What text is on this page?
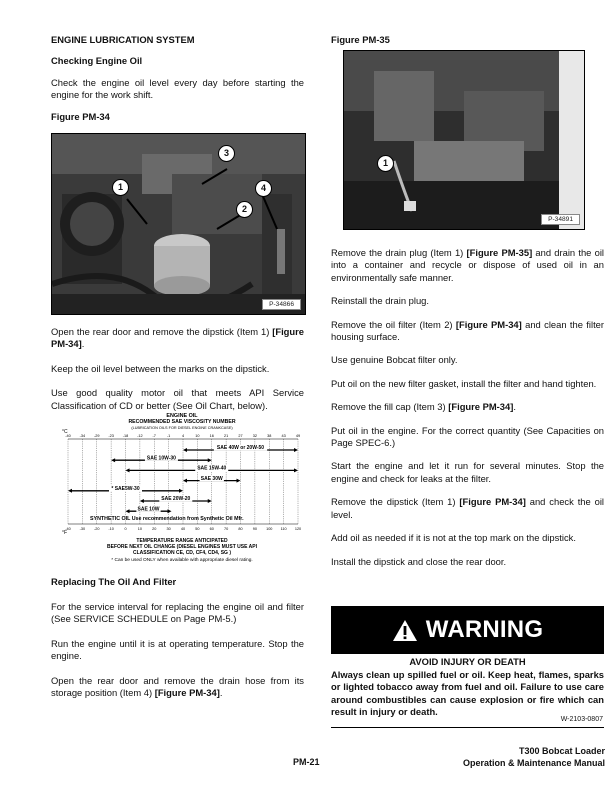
ENGINE LUBRICATION SYSTEM
Checking Engine Oil

Check the engine oil level every day before starting the engine for the work shift.

Figure PM-34
1
2
3
4
P-34866

Open the rear door and remove the dipstick (Item 1) [Figure PM-34].

Keep the oil level between the marks on the dipstick.

Use good quality motor oil that meets API Service Classification of CD or better (See Oil Chart, below).

ENGINE OIL
RECOMMENDED SAE VISCOSITY NUMBER
(LUBRICATION OILS FOR DIESEL ENGINE CRANKCASE)
°C
-40 -34 -29 -23 -18 -12	-7	-1	4	10	16	21	27	32	38	43	49
SAE 40W or 20W-50
SAE 10W-30
SAE 15W-40
SAE 30W
* SAE5W-30
SAE 20W-20
SAE 10W
SYNTHETIC OIL Use recommendation from Synthetic Oil Mfr.
-40 -30 -20 -10	0	10	20	30	40	50	60	70	80	90 100 110 120
°F
TEMPERATURE RANGE ANTICIPATED
BEFORE NEXT OIL CHANGE (DIESEL ENGINES MUST USE API
CLASSIFICATION CE, CD, CF4, CD4, SG )
* Can be used ONLY when available with appropriate diesel rating.
Replacing The Oil And Filter

For the service interval for replacing the engine oil and filter (See SERVICE SCHEDULE on Page PM-5.)

Run the engine until it is at operating temperature. Stop the engine.

Open the rear door and remove the drain hose from its storage position (Item 4) [Figure PM-34].

Figure PM-35
1
P-34891

Remove the drain plug (Item 1) [Figure PM-35] and drain the oil into a container and recycle or dispose of used oil in an environmentally safe manner.

Reinstall the drain plug.

Remove the oil filter (Item 2) [Figure PM-34] and clean the filter housing surface.

Use genuine Bobcat filter only.

Put oil on the new filter gasket, install the filter and hand tighten.

Remove the fill cap (Item 3) [Figure PM-34].

Put oil in the engine. For the correct quantity (See Capacities on Page SPEC-6.)

Start the engine and let it run for several minutes. Stop the engine and check for leaks at the filter.

Remove the dipstick (Item 1) [Figure PM-34] and check the oil level.

Add oil as needed if it is not at the top mark on the dipstick.

Install the dipstick and close the rear door.

WARNING
AVOID INJURY OR DEATH
Always clean up spilled fuel or oil. Keep heat, flames, sparks or lighted tobacco away from fuel and oil. Failure to use care around combustibles can cause explosion or fire which can result in injury or death.
W-2103-0807
PM-21
T300 Bobcat Loader
Operation & Maintenance Manual
